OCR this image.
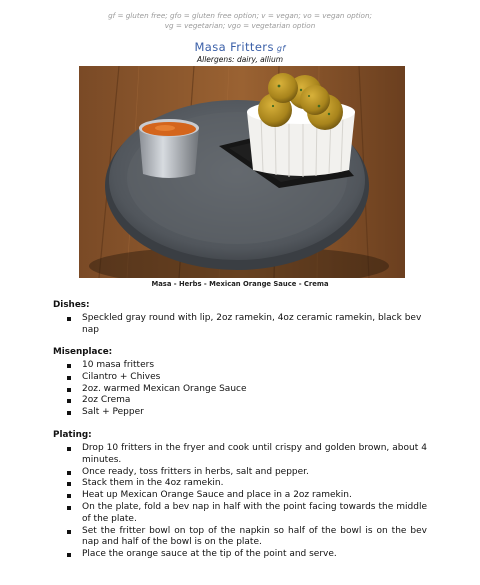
gf = gluten free; gfo = gluten free option; v = vegan; vo = vegan option;
vg = vegetarian; vgo = vegetarian option
Masa Fritters gf
Allergens: dairy, allium
Masa - Herbs - Mexican Orange Sauce - Crema
Dishes:
Speckled gray round with lip, 2oz ramekin, 4oz ceramic ramekin, black bev nap
Misenplace:
10 masa fritters
Cilantro + Chives
2oz. warmed Mexican Orange Sauce
2oz Crema
Salt + Pepper
Plating:
Drop 10 fritters in the fryer and cook until crispy and golden brown, about 4 minutes.
Once ready, toss fritters in herbs, salt and pepper.
Stack them in the 4oz ramekin.
Heat up Mexican Orange Sauce and place in a 2oz ramekin.
On the plate, fold a bev nap in half with the point facing towards the middle of the plate.
Set the fritter bowl on top of the napkin so half of the bowl is on the bev nap and half of the bowl is on the plate.
Place the orange sauce at the tip of the point and serve.
